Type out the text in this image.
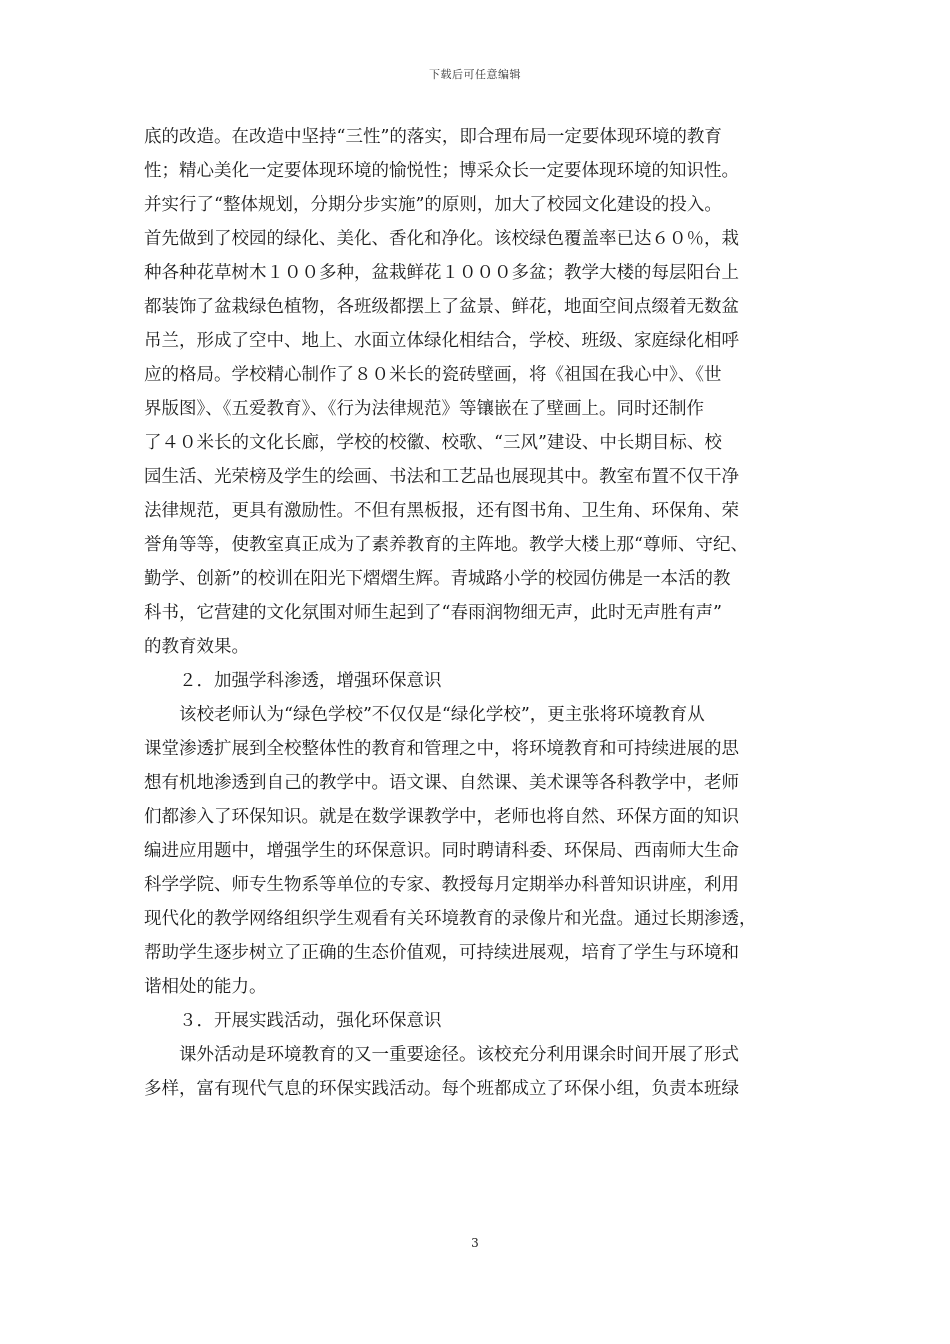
下载后可任意编辑
底的改造。在改造中坚持“三性”的落实，即合理布局一定要体现环境的教育
性；精心美化一定要体现环境的愉悦性；博采众长一定要体现环境的知识性。
并实行了“整体规划，分期分步实施”的原则，加大了校园文化建设的投入。
首先做到了校园的绿化、美化、香化和净化。该校绿色覆盖率已达６０％，栽
种各种花草树木１００多种，盆栽鲜花１０００多盆；教学大楼的每层阳台上
都装饰了盆栽绿色植物，各班级都摆上了盆景、鲜花，地面空间点缀着无数盆
吊兰，形成了空中、地上、水面立体绿化相结合，学校、班级、家庭绿化相呼
应的格局。学校精心制作了８０米长的瓷砖壁画，将《祖国在我心中》、《世
界版图》、《五爱教育》、《行为法律规范》等镶嵌在了壁画上。同时还制作
了４０米长的文化长廊，学校的校徽、校歌、“三风”建设、中长期目标、校
园生活、光荣榜及学生的绘画、书法和工艺品也展现其中。教室布置不仅干净
法律规范，更具有激励性。不但有黑板报，还有图书角、卫生角、环保角、荣
誉角等等，使教室真正成为了素养教育的主阵地。教学大楼上那“尊师、守纪、
勤学、创新”的校训在阳光下熠熠生辉。青城路小学的校园仿佛是一本活的教
科书，它营建的文化氛围对师生起到了“春雨润物细无声，此时无声胜有声”
的教育效果。
　　２．加强学科渗透，增强环保意识
　　该校老师认为“绿色学校”不仅仅是“绿化学校”，更主张将环境教育从
课堂渗透扩展到全校整体性的教育和管理之中，将环境教育和可持续进展的思
想有机地渗透到自己的教学中。语文课、自然课、美术课等各科教学中，老师
们都渗入了环保知识。就是在数学课教学中，老师也将自然、环保方面的知识
编进应用题中，增强学生的环保意识。同时聘请科委、环保局、西南师大生命
科学学院、师专生物系等单位的专家、教授每月定期举办科普知识讲座，利用
现代化的教学网络组织学生观看有关环境教育的录像片和光盘。通过长期渗透，
帮助学生逐步树立了正确的生态价值观，可持续进展观，培育了学生与环境和
谐相处的能力。
　　３．开展实践活动，强化环保意识
　　课外活动是环境教育的又一重要途径。该校充分利用课余时间开展了形式
多样，富有现代气息的环保实践活动。每个班都成立了环保小组，负责本班绿
3
